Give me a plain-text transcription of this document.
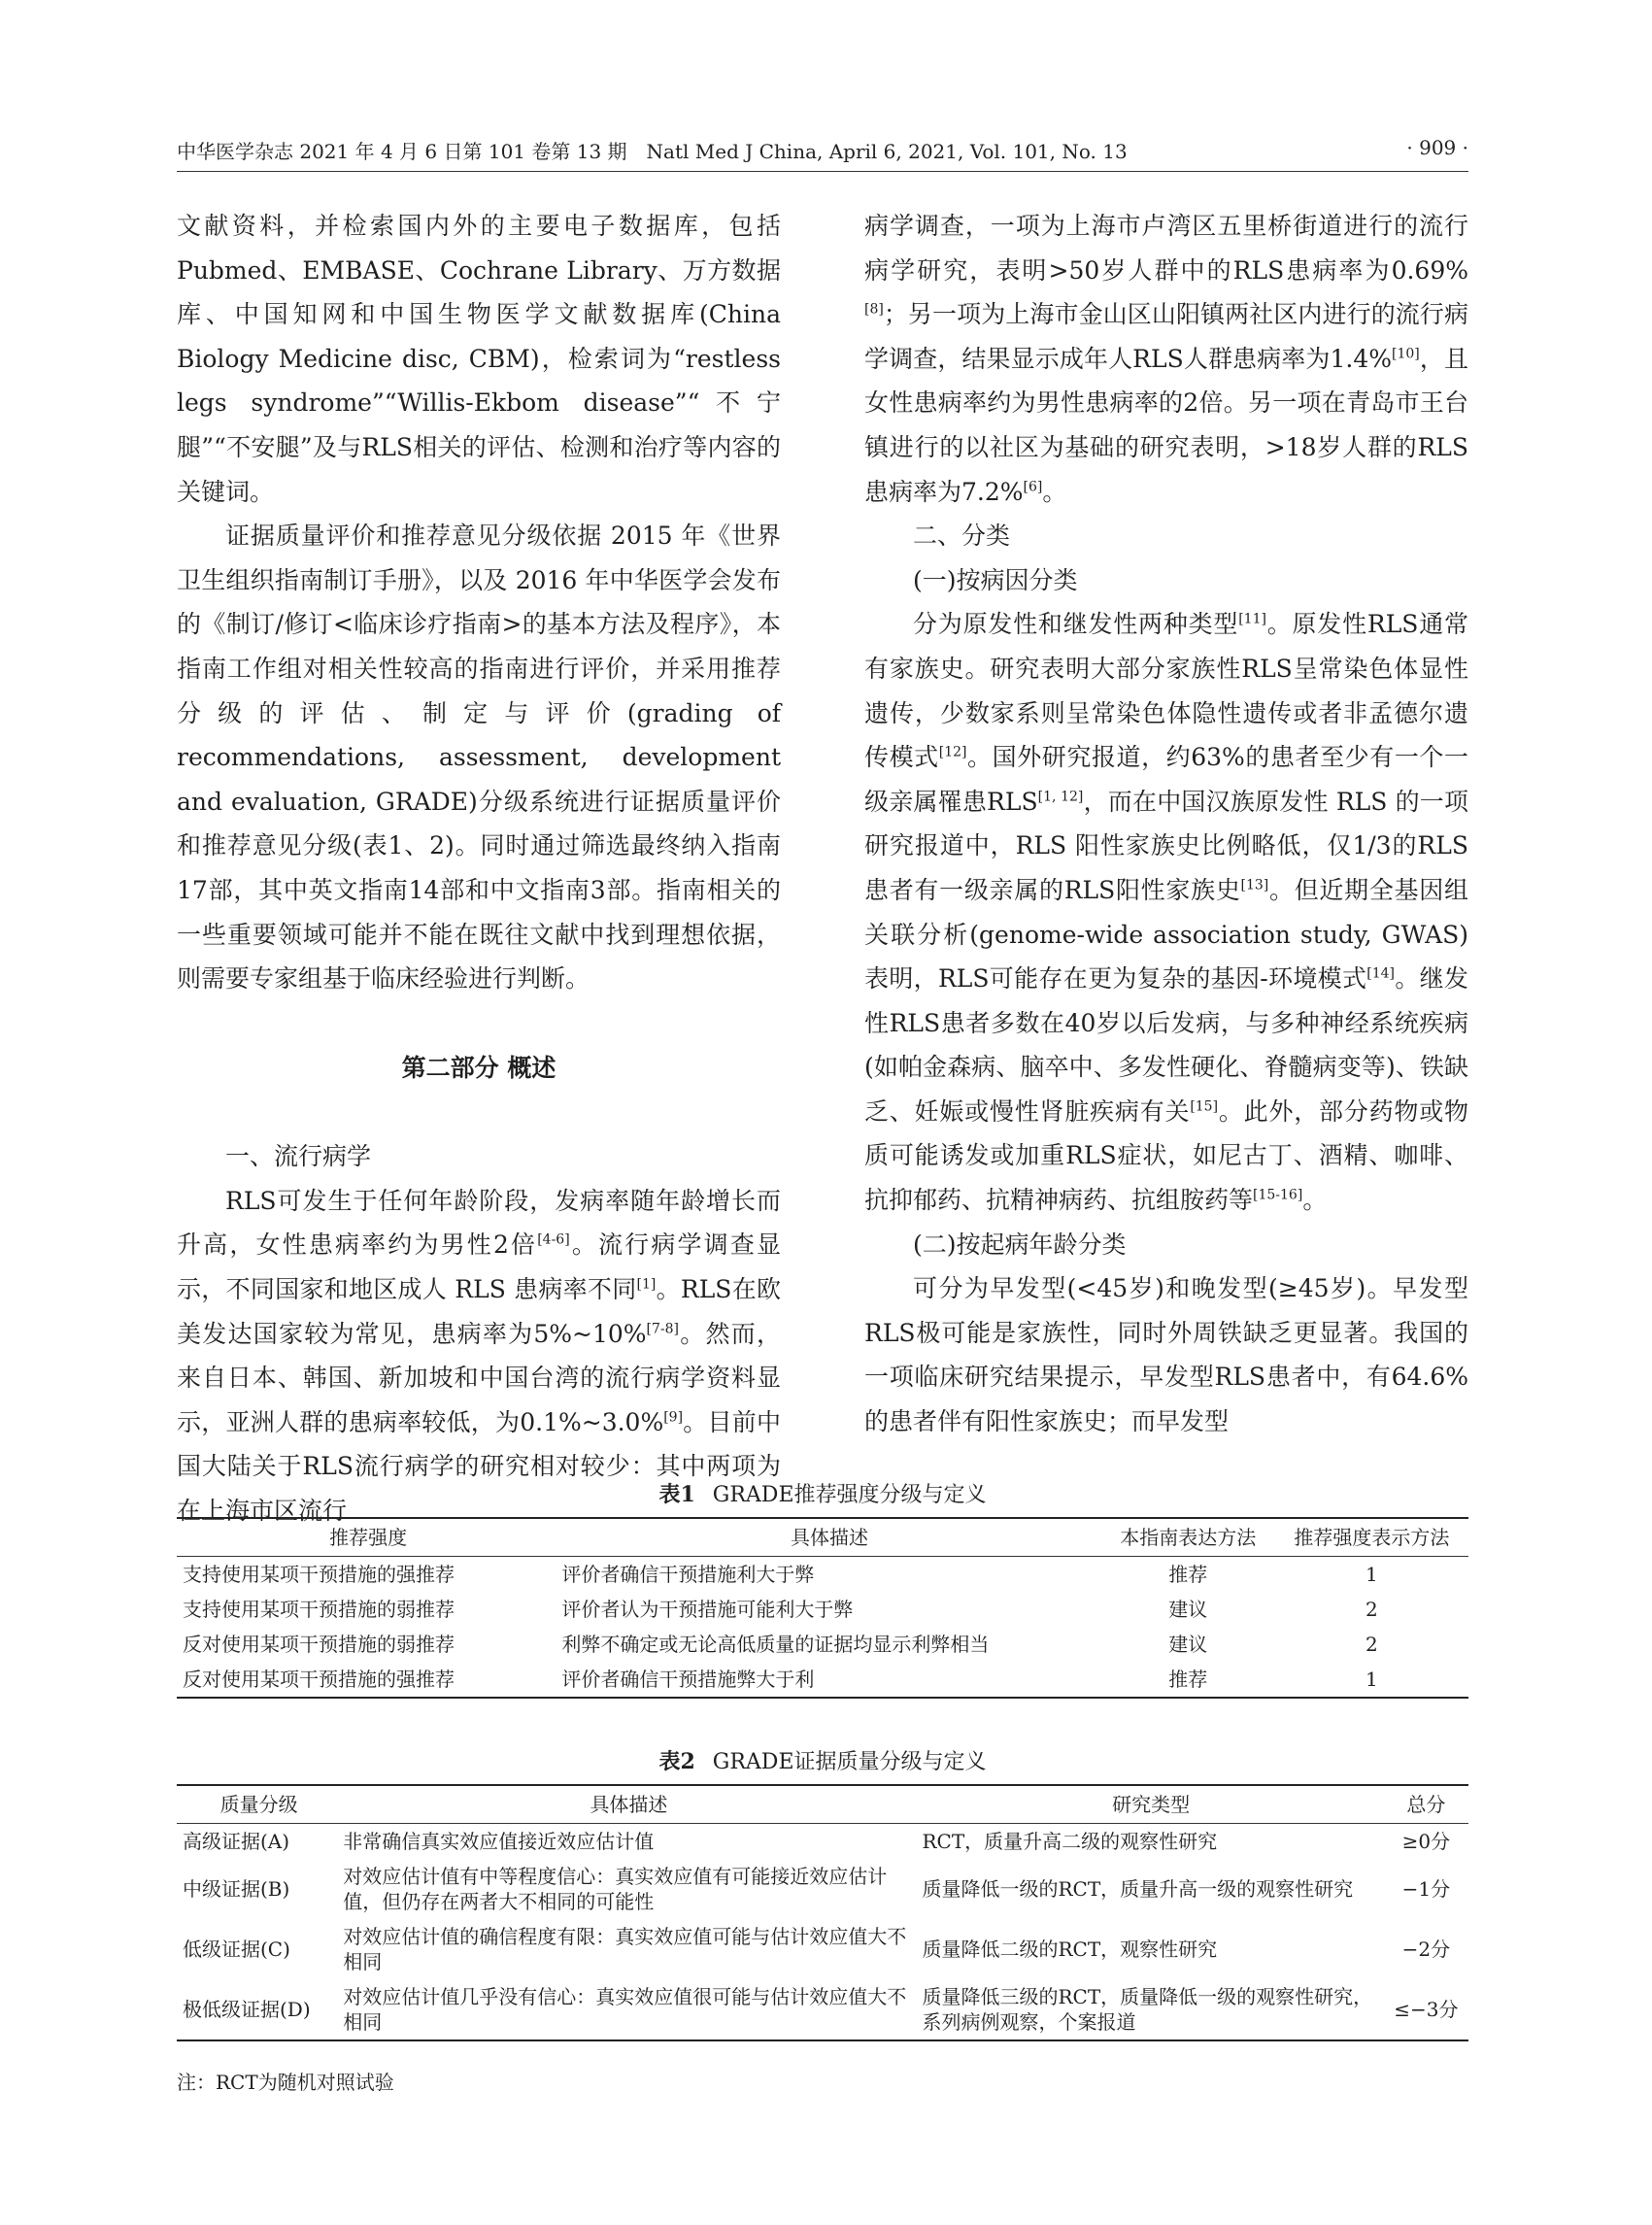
中华医学杂志 2021 年 4 月 6 日第 101 卷第 13 期　Natl Med J China, April 6, 2021, Vol. 101, No. 13	· 909 ·

文献资料，并检索国内外的主要电子数据库，包括Pubmed、EMBASE、Cochrane Library、万方数据库、中国知网和中国生物医学文献数据库(China Biology Medicine disc, CBM)，检索词为“restless legs syndrome”“Willis-Ekbom disease”“不宁腿”“不安腿”及与RLS相关的评估、检测和治疗等内容的关键词。

证据质量评价和推荐意见分级依据 2015 年《世界卫生组织指南制订手册》，以及 2016 年中华医学会发布的《制订/修订<临床诊疗指南>的基本方法及程序》，本指南工作组对相关性较高的指南进行评价，并采用推荐分级的评估、制定与评价(grading of recommendations, assessment, development and evaluation, GRADE)分级系统进行证据质量评价和推荐意见分级(表1、2)。同时通过筛选最终纳入指南17部，其中英文指南14部和中文指南3部。指南相关的一些重要领域可能并不能在既往文献中找到理想依据，则需要专家组基于临床经验进行判断。

第二部分 概述

一、流行病学

RLS可发生于任何年龄阶段，发病率随年龄增长而升高，女性患病率约为男性2倍[4-6]。流行病学调查显示，不同国家和地区成人 RLS 患病率不同[1]。RLS在欧美发达国家较为常见，患病率为5%~10%[7-8]。然而，来自日本、韩国、新加坡和中国台湾的流行病学资料显示，亚洲人群的患病率较低，为0.1%~3.0%[9]。目前中国大陆关于RLS流行病学的研究相对较少：其中两项为在上海市区流行

病学调查，一项为上海市卢湾区五里桥街道进行的流行病学研究，表明>50岁人群中的RLS患病率为0.69%[8]；另一项为上海市金山区山阳镇两社区内进行的流行病学调查，结果显示成年人RLS人群患病率为1.4%[10]，且女性患病率约为男性患病率的2倍。另一项在青岛市王台镇进行的以社区为基础的研究表明，>18岁人群的RLS患病率为7.2%[6]。

二、分类

(一)按病因分类

分为原发性和继发性两种类型[11]。原发性RLS通常有家族史。研究表明大部分家族性RLS呈常染色体显性遗传，少数家系则呈常染色体隐性遗传或者非孟德尔遗传模式[12]。国外研究报道，约63%的患者至少有一个一级亲属罹患RLS[1, 12]，而在中国汉族原发性 RLS 的一项研究报道中，RLS 阳性家族史比例略低，仅1/3的RLS患者有一级亲属的RLS阳性家族史[13]。但近期全基因组关联分析(genome-wide association study, GWAS)表明，RLS可能存在更为复杂的基因-环境模式[14]。继发性RLS患者多数在40岁以后发病，与多种神经系统疾病(如帕金森病、脑卒中、多发性硬化、脊髓病变等)、铁缺乏、妊娠或慢性肾脏疾病有关[15]。此外，部分药物或物质可能诱发或加重RLS症状，如尼古丁、酒精、咖啡、抗抑郁药、抗精神病药、抗组胺药等[15-16]。

(二)按起病年龄分类

可分为早发型(<45岁)和晚发型(≥45岁)。早发型RLS极可能是家族性，同时外周铁缺乏更显著。我国的一项临床研究结果提示，早发型RLS患者中，有64.6%的患者伴有阳性家族史；而早发型

表1 GRADE推荐强度分级与定义
推荐强度	具体描述	本指南表达方法	推荐强度表示方法
支持使用某项干预措施的强推荐	评价者确信干预措施利大于弊	推荐	1
支持使用某项干预措施的弱推荐	评价者认为干预措施可能利大于弊	建议	2
反对使用某项干预措施的弱推荐	利弊不确定或无论高低质量的证据均显示利弊相当	建议	2
反对使用某项干预措施的强推荐	评价者确信干预措施弊大于利	推荐	1
表2 GRADE证据质量分级与定义
质量分级	具体描述	研究类型	总分
高级证据(A)	非常确信真实效应值接近效应估计值	RCT，质量升高二级的观察性研究	≥0分
中级证据(B)	对效应估计值有中等程度信心：真实效应值有可能接近效应估计值，但仍存在两者大不相同的可能性	质量降低一级的RCT，质量升高一级的观察性研究	−1分
低级证据(C)	对效应估计值的确信程度有限：真实效应值可能与估计效应值大不相同	质量降低二级的RCT，观察性研究	−2分
极低级证据(D)	对效应估计值几乎没有信心：真实效应值很可能与估计效应值大不相同	质量降低三级的RCT，质量降低一级的观察性研究，系列病例观察，个案报道	≤−3分
注：RCT为随机对照试验
